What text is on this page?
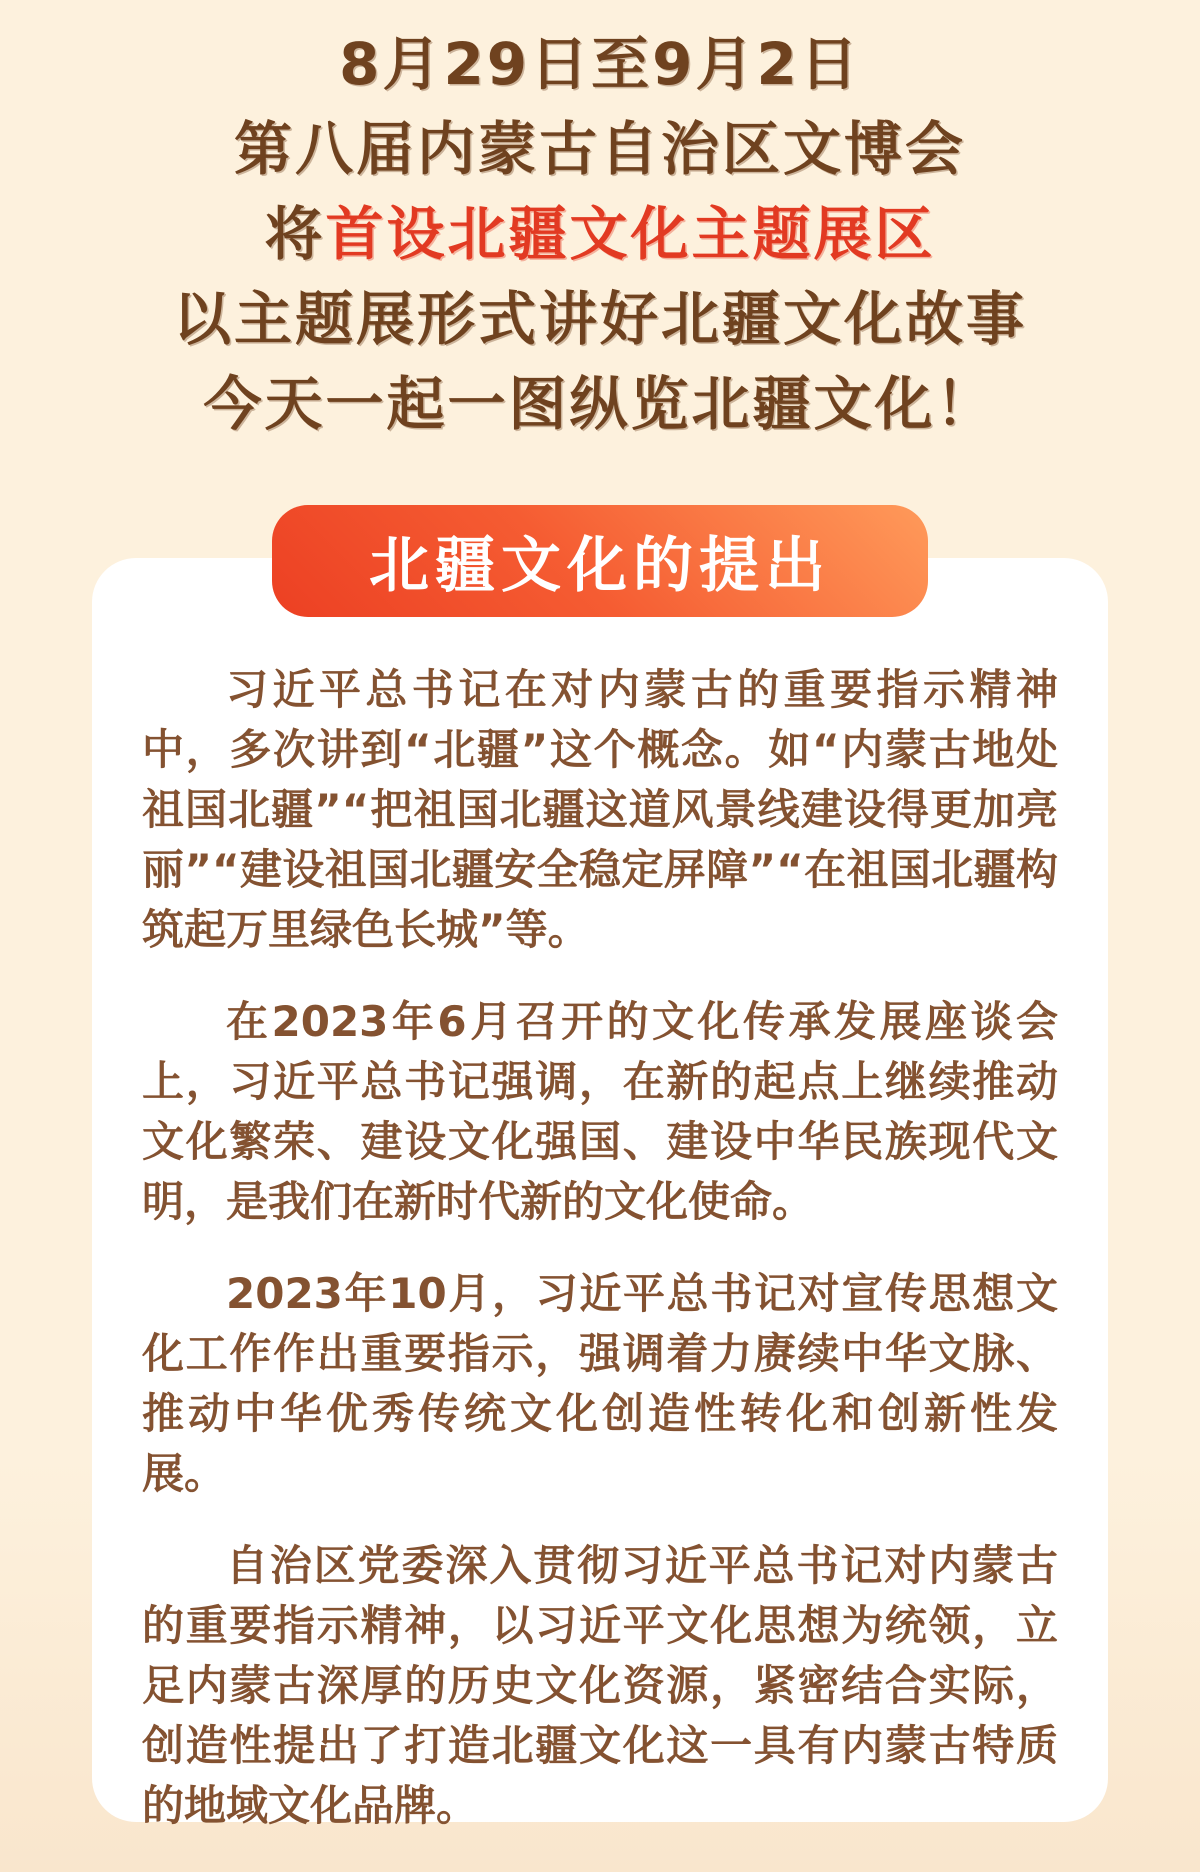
8月29日至9月2日
第八届内蒙古自治区文博会
将首设北疆文化主题展区
以主题展形式讲好北疆文化故事
今天一起一图纵览北疆文化！
北疆文化的提出

习近平总书记在对内蒙古的重要指示精神中，多次讲到“北疆”这个概念。如“内蒙古地处祖国北疆”“把祖国北疆这道风景线建设得更加亮丽”“建设祖国北疆安全稳定屏障”“在祖国北疆构筑起万里绿色长城”等。

在2023年6月召开的文化传承发展座谈会上，习近平总书记强调，在新的起点上继续推动文化繁荣、建设文化强国、建设中华民族现代文明，是我们在新时代新的文化使命。

2023年10月，习近平总书记对宣传思想文化工作作出重要指示，强调着力赓续中华文脉、推动中华优秀传统文化创造性转化和创新性发展。

自治区党委深入贯彻习近平总书记对内蒙古的重要指示精神，以习近平文化思想为统领，立足内蒙古深厚的历史文化资源，紧密结合实际，创造性提出了打造北疆文化这一具有内蒙古特质的地域文化品牌。
